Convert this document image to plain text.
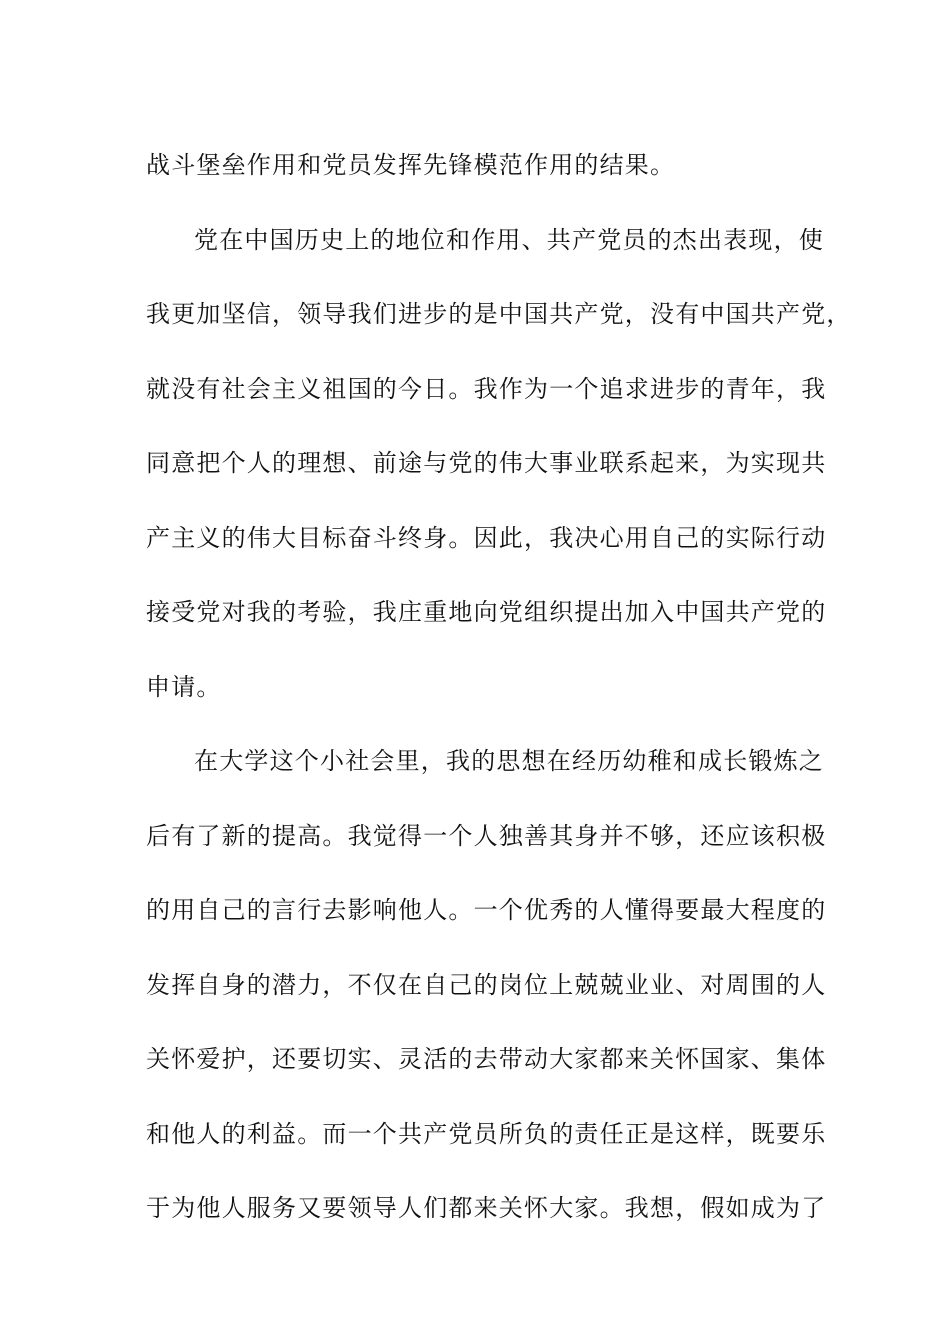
战斗堡垒作用和党员发挥先锋模范作用的结果。
党在中国历史上的地位和作用、共产党员的杰出表现，使
我更加坚信，领导我们进步的是中国共产党，没有中国共产党，
就没有社会主义祖国的今日。我作为一个追求进步的青年，我
同意把个人的理想、前途与党的伟大事业联系起来，为实现共
产主义的伟大目标奋斗终身。因此，我决心用自己的实际行动
接受党对我的考验，我庄重地向党组织提出加入中国共产党的
申请。
在大学这个小社会里，我的思想在经历幼稚和成长锻炼之
后有了新的提高。我觉得一个人独善其身并不够，还应该积极
的用自己的言行去影响他人。一个优秀的人懂得要最大程度的
发挥自身的潜力，不仅在自己的岗位上兢兢业业、对周围的人
关怀爱护，还要切实、灵活的去带动大家都来关怀国家、集体
和他人的利益。而一个共产党员所负的责任正是这样，既要乐
于为他人服务又要领导人们都来关怀大家。我想，假如成为了
